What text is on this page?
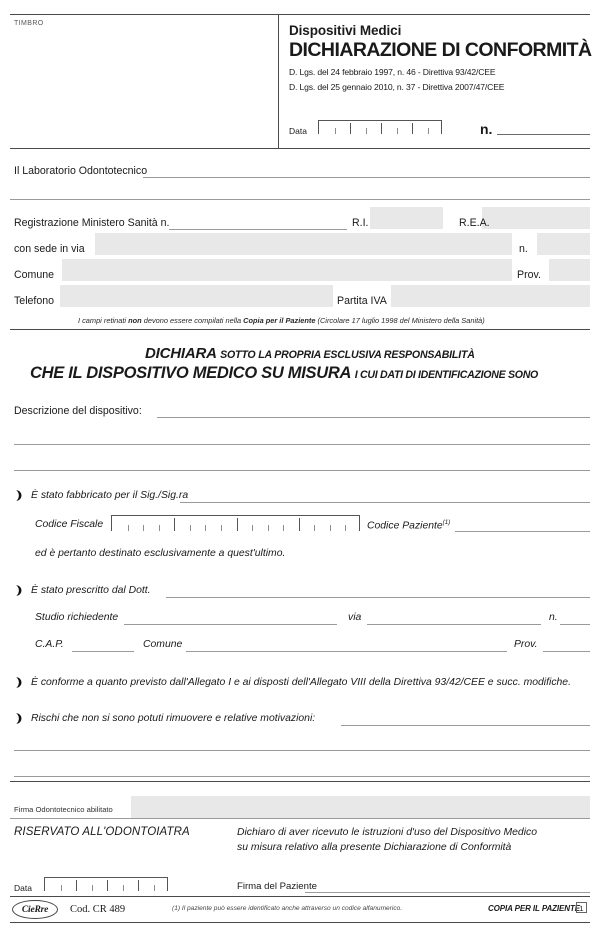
TIMBRO	Dispositivi Medici
DICHIARAZIONE DI CONFORMITÀ
D. Lgs. del 24 febbraio 1997, n. 46 - Direttiva 93/42/CEE
D. Lgs. del 25 gennaio 2010, n. 37 - Direttiva 2007/47/CEE
Data	n.
Il Laboratorio Odontotecnico
Registrazione Ministero Sanità n.	R.I.	R.E.A.
con sede in via	n.
Comune	Prov.
Telefono	Partita IVA
I campi retinati non devono essere compilati nella Copia per il Paziente (Circolare 17 luglio 1998 del Ministero della Sanità)
DICHIARA SOTTO LA PROPRIA ESCLUSIVA RESPONSABILITÀ
CHE IL DISPOSITIVO MEDICO SU MISURA I CUI DATI DI IDENTIFICAZIONE SONO
Descrizione del dispositivo:
È stato fabbricato per il Sig./Sig.ra
Codice Fiscale	Codice Paziente$^{(1)}$
ed è pertanto destinato esclusivamente a quest'ultimo.
È stato prescritto dal Dott.
Studio richiedente	via	n.
C.A.P.	Comune	Prov.
È conforme a quanto previsto dall'Allegato I e ai disposti dell'Allegato VIII della Direttiva 93/42/CEE e succ. modifiche.
Rischi che non si sono potuti rimuovere e relative motivazioni:
Firma Odontotecnico abilitato
RISERVATO ALL'ODONTOIATRA	Dichiaro di aver ricevuto le istruzioni d'uso del Dispositivo Medico
su misura relativo alla presente Dichiarazione di Conformità
Data	Firma del Paziente
CieRre	Cod. CR 489	(1) Il paziente può essere identificato anche attraverso un codice alfanumerico.	COPIA PER IL PAZIENTE 1
